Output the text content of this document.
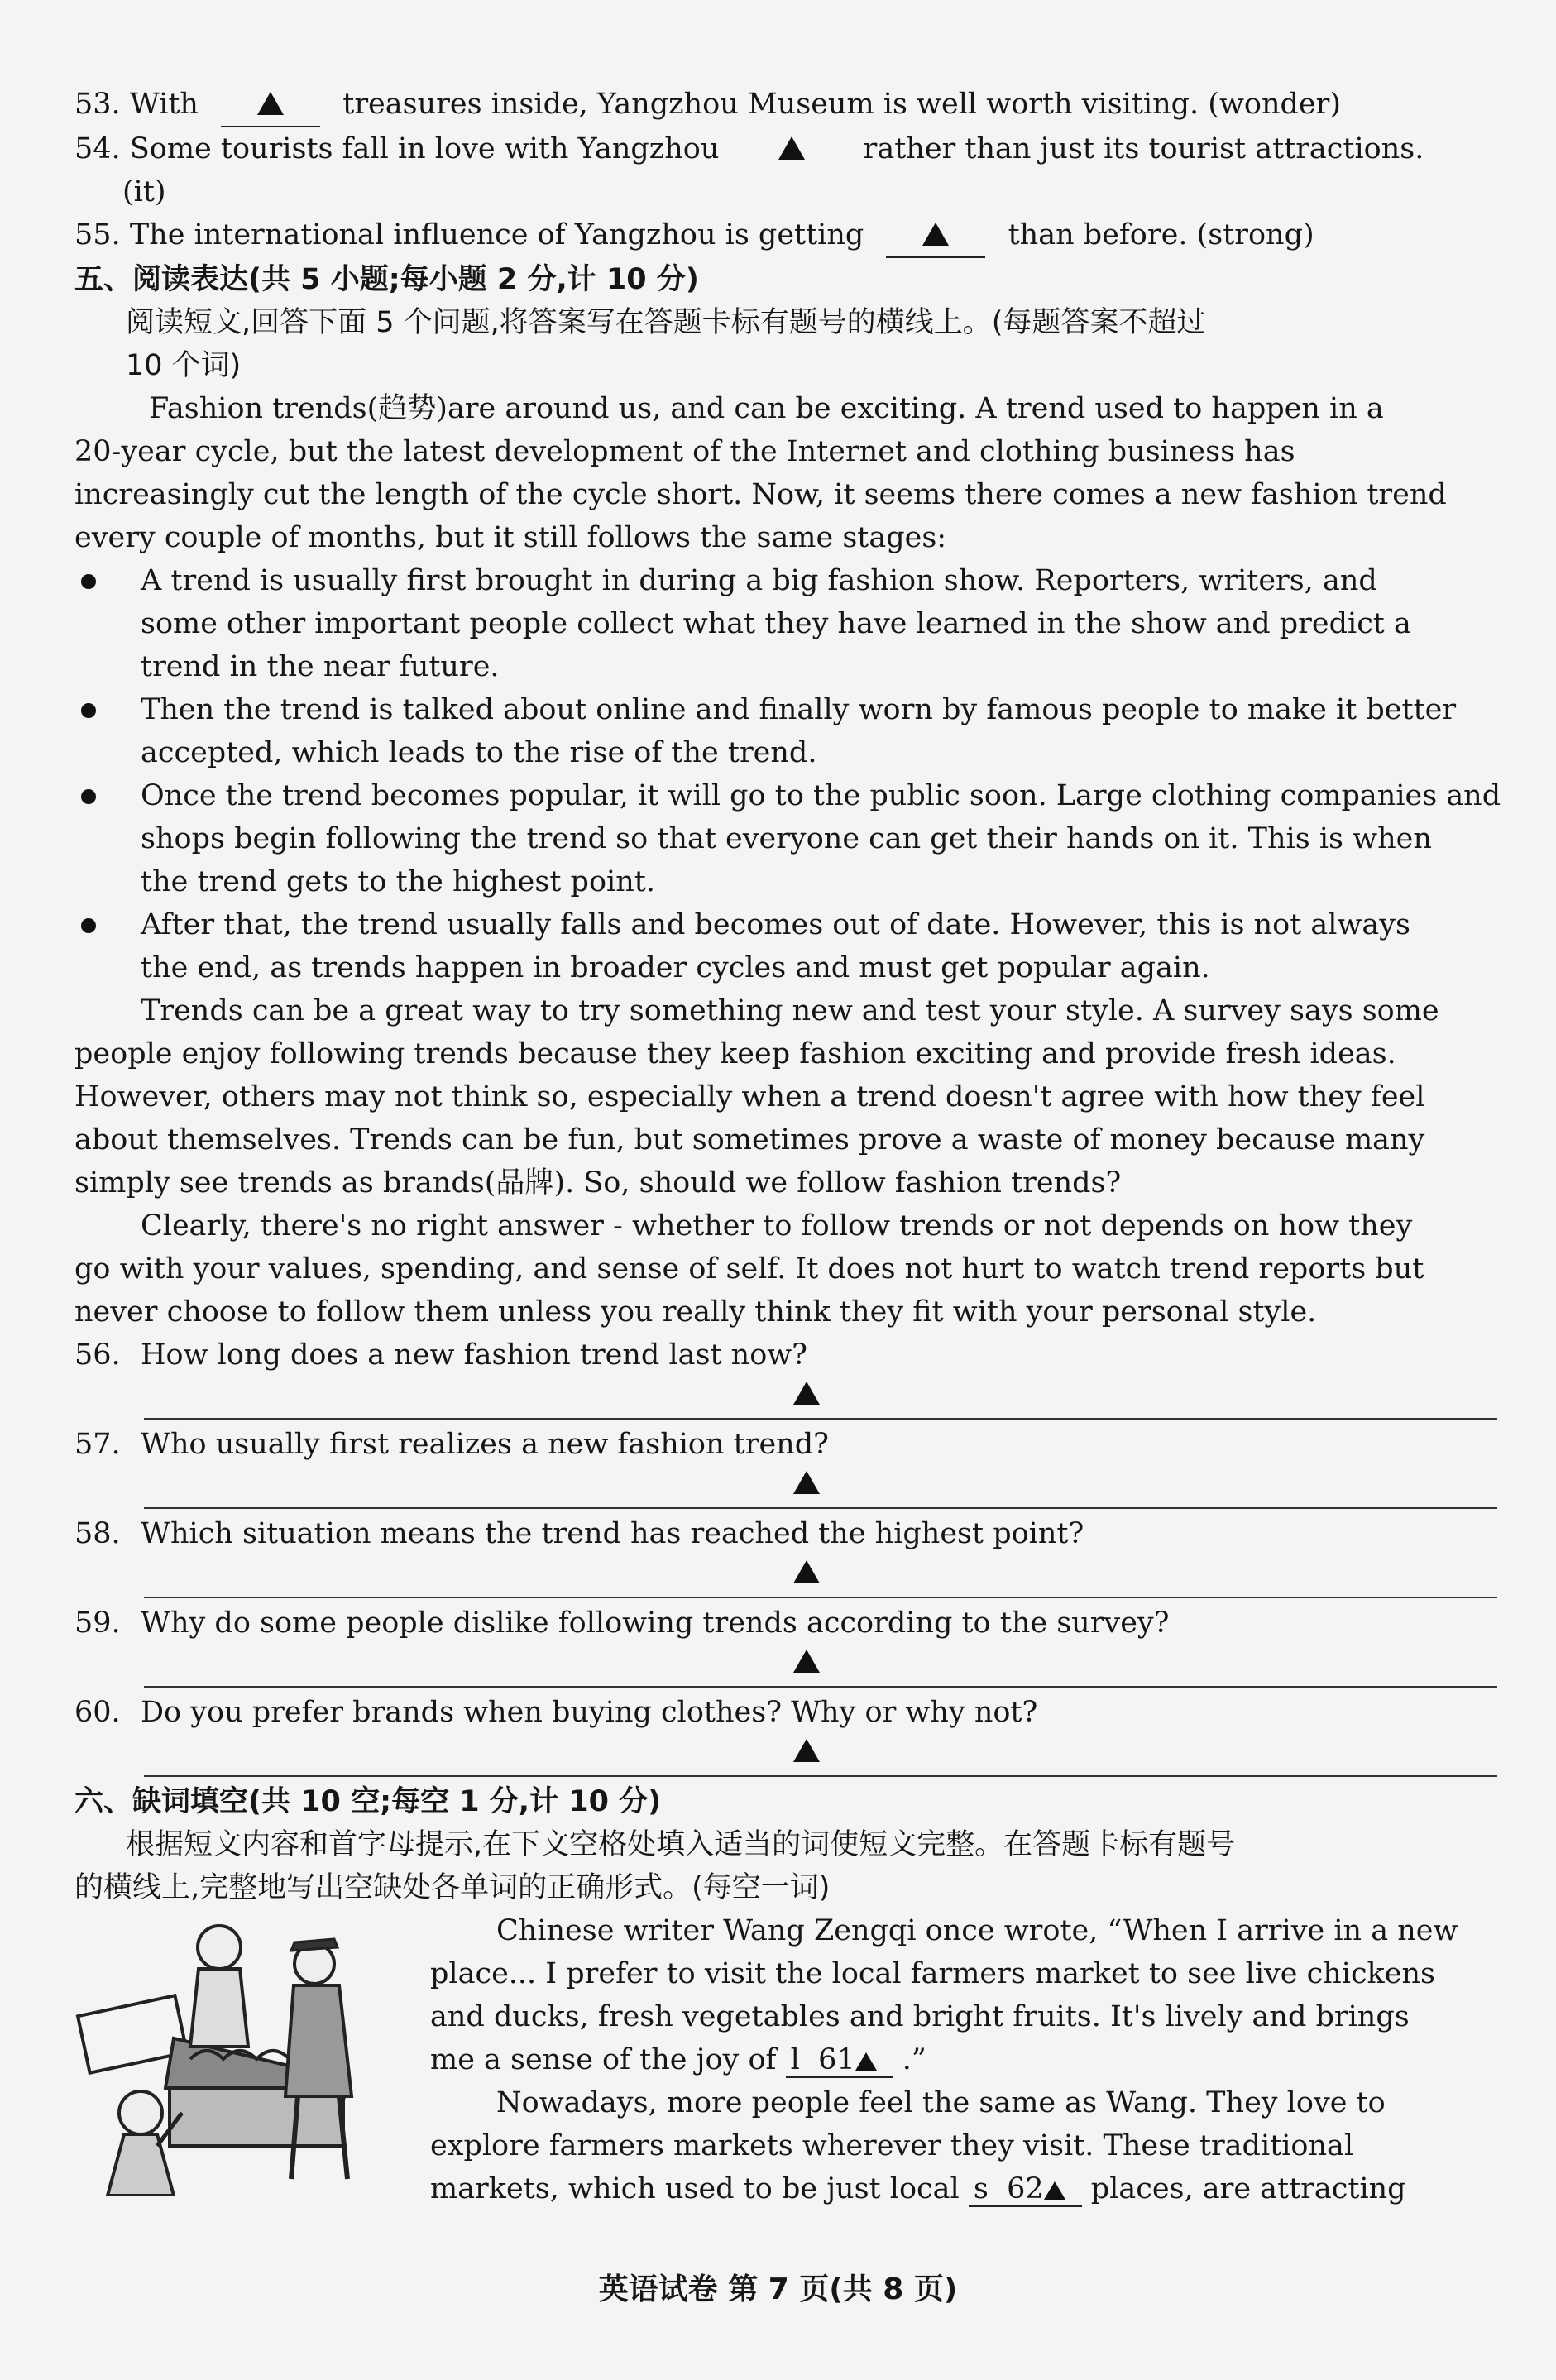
53. With	treasures inside, Yangzhou Museum is well worth visiting. (wonder)
54. Some tourists fall in love with Yangzhou	rather than just its tourist attractions.
(it)
55. The international influence of Yangzhou is getting	than before. (strong)
五、阅读表达(共 5 小题;每小题 2 分,计 10 分)
阅读短文,回答下面 5 个问题,将答案写在答题卡标有题号的横线上。(每题答案不超过
10 个词)
Fashion trends(趋势)are around us, and can be exciting. A trend used to happen in a
20-year cycle, but the latest development of the Internet and clothing business has
increasingly cut the length of the cycle short. Now, it seems there comes a new fashion trend
every couple of months, but it still follows the same stages:
A trend is usually first brought in during a big fashion show. Reporters, writers, and
some other important people collect what they have learned in the show and predict a
trend in the near future.
Then the trend is talked about online and finally worn by famous people to make it better
accepted, which leads to the rise of the trend.
Once the trend becomes popular, it will go to the public soon. Large clothing companies and
shops begin following the trend so that everyone can get their hands on it. This is when
the trend gets to the highest point.
After that, the trend usually falls and becomes out of date. However, this is not always
the end, as trends happen in broader cycles and must get popular again.
Trends can be a great way to try something new and test your style. A survey says some
people enjoy following trends because they keep fashion exciting and provide fresh ideas.
However, others may not think so, especially when a trend doesn't agree with how they feel
about themselves. Trends can be fun, but sometimes prove a waste of money because many
simply see trends as brands(品牌). So, should we follow fashion trends?
Clearly, there's no right answer - whether to follow trends or not depends on how they
go with your values, spending, and sense of self. It does not hurt to watch trend reports but
never choose to follow them unless you really think they fit with your personal style.
56. How long does a new fashion trend last now?
57. Who usually first realizes a new fashion trend?
58. Which situation means the trend has reached the highest point?
59. Why do some people dislike following trends according to the survey?
60. Do you prefer brands when buying clothes? Why or why not?
六、缺词填空(共 10 空;每空 1 分,计 10 分)
根据短文内容和首字母提示,在下文空格处填入适当的词使短文完整。在答题卡标有题号
的横线上,完整地写出空缺处各单词的正确形式。(每空一词)
Chinese writer Wang Zengqi once wrote, “When I arrive in a new
place... I prefer to visit the local farmers market to see live chickens
and ducks, fresh vegetables and bright fruits. It's lively and brings
me a sense of the joy of l 61 .”
Nowadays, more people feel the same as Wang. They love to
explore farmers markets wherever they visit. These traditional
markets, which used to be just local s 62 places, are attracting
英语试卷 第 7 页(共 8 页)
